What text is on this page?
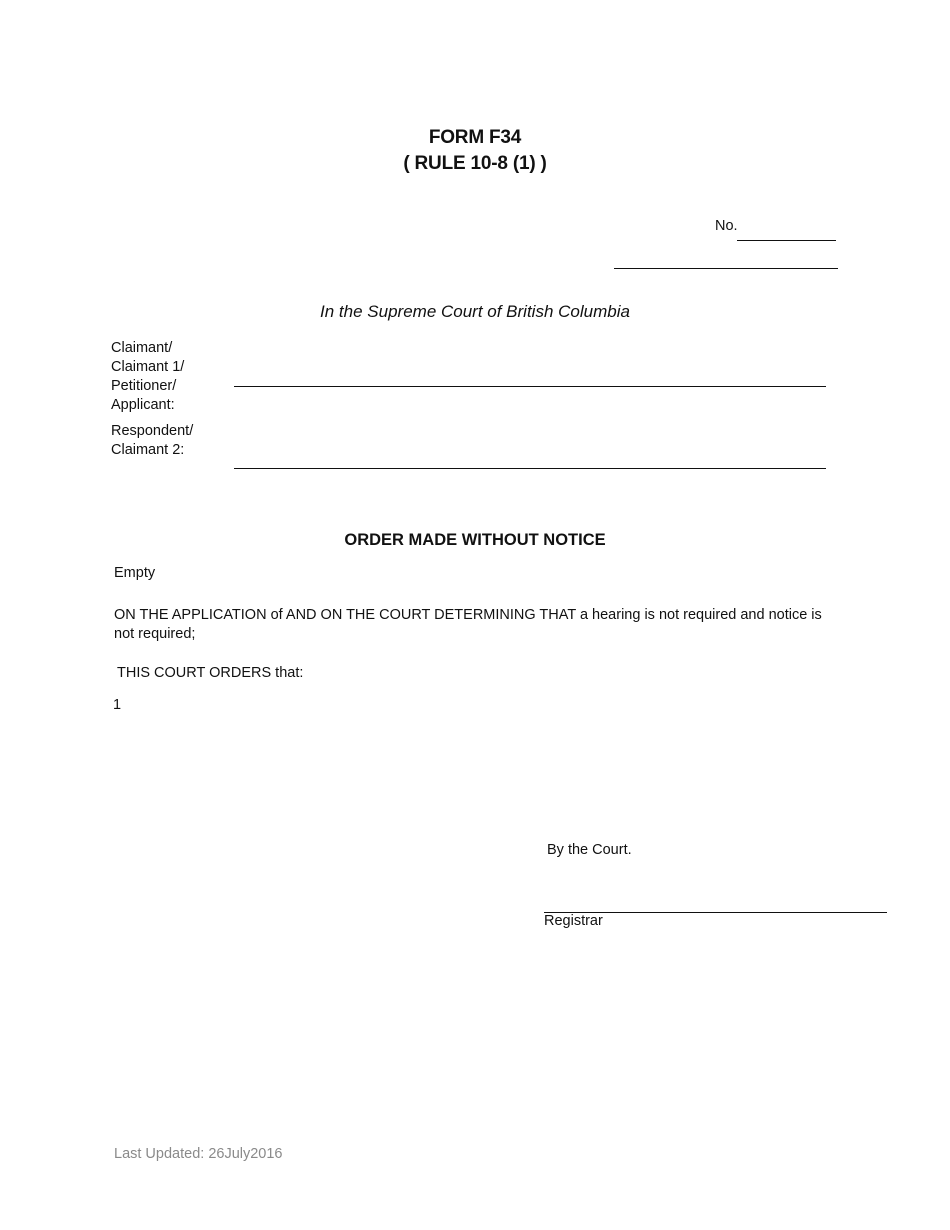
FORM F34
( RULE 10-8 (1) )
No.
In the Supreme Court of British Columbia
Claimant/
Claimant 1/
Petitioner/
Applicant:
Respondent/
Claimant 2:
ORDER MADE WITHOUT NOTICE
Empty
ON THE APPLICATION of AND ON THE COURT DETERMINING THAT a hearing is not required and notice is not required;
THIS COURT ORDERS that:
1
By the Court.
Registrar
Last Updated: 26July2016
